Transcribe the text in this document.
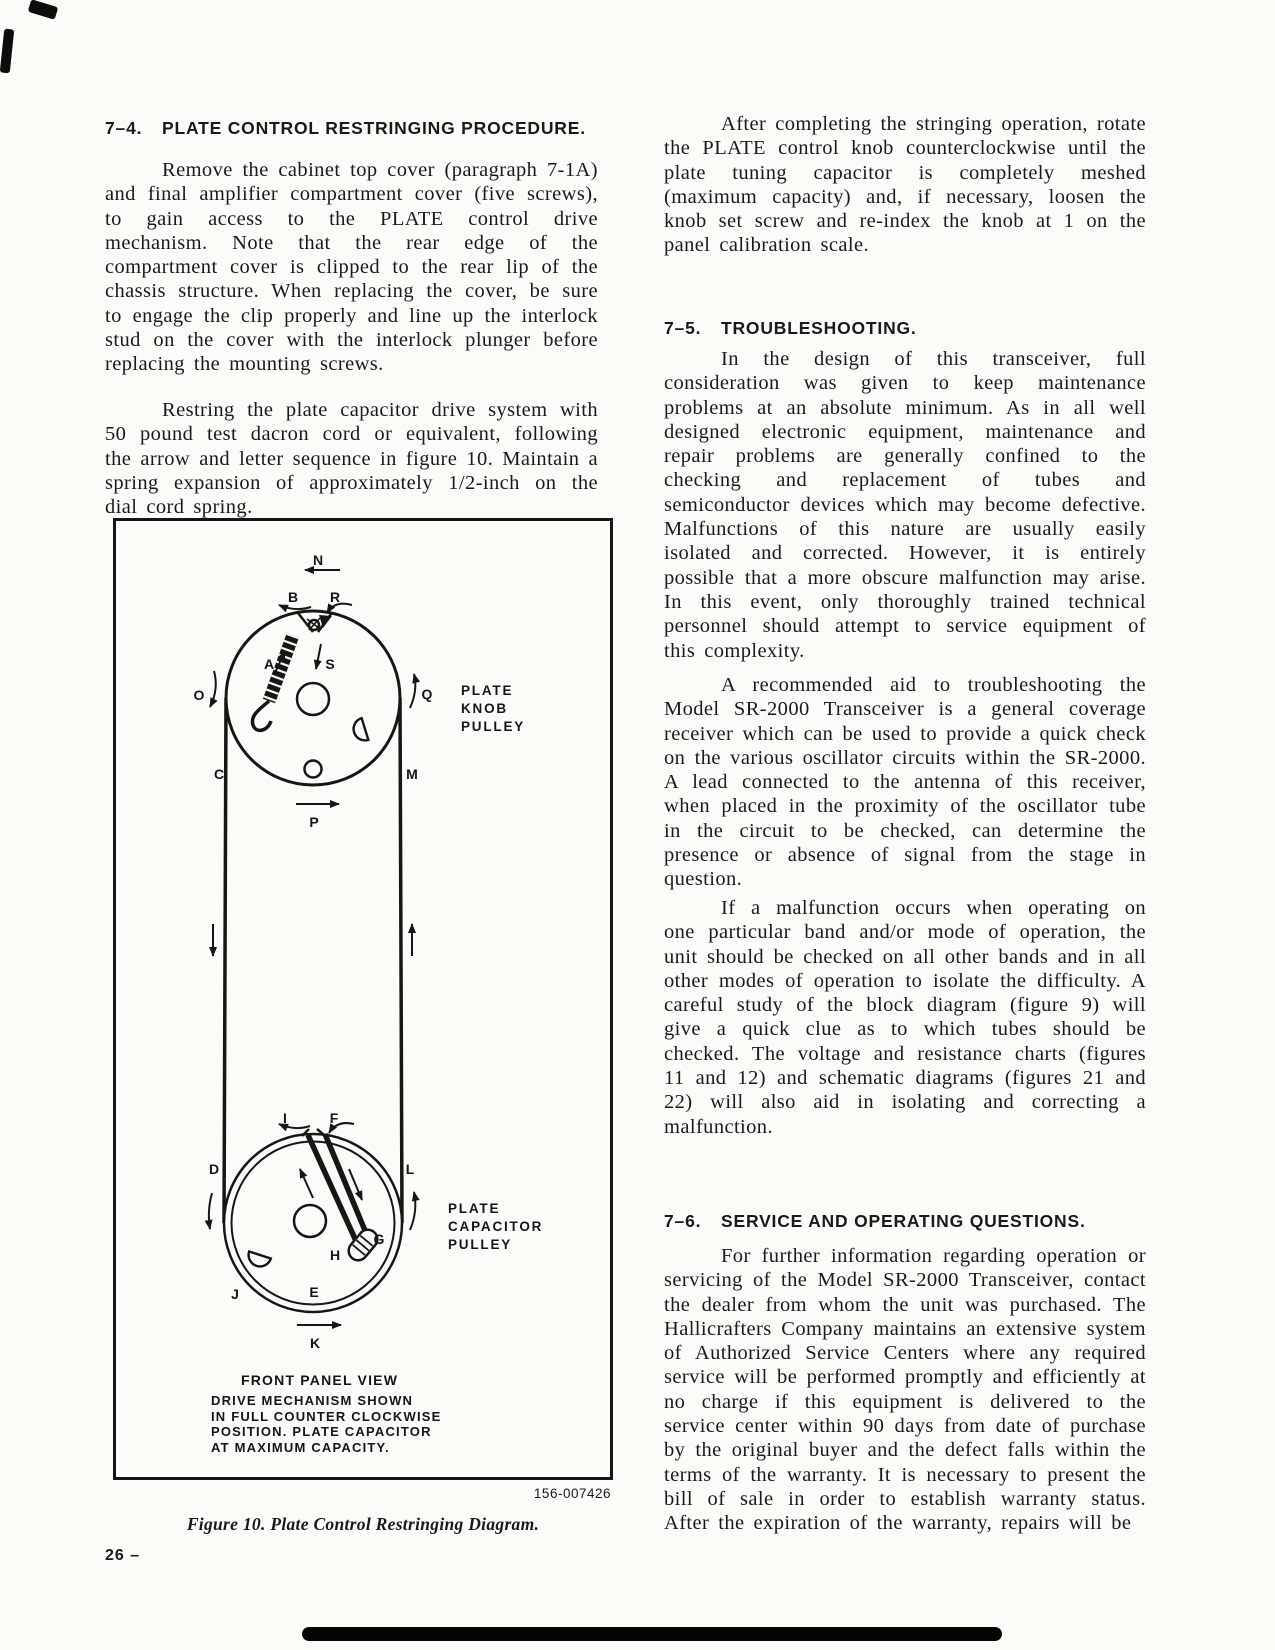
7–4.	PLATE CONTROL RESTRINGING PROCEDURE.

Remove the cabinet top cover (paragraph 7-1A) and final amplifier compartment cover (five screws), to gain access to the PLATE control drive mechanism. Note that the rear edge of the compartment cover is clipped to the rear lip of the chassis structure. When replacing the cover, be sure to engage the clip properly and line up the interlock stud on the cover with the interlock plunger before replacing the mounting screws.

Restring the plate capacitor drive system with 50 pound test dacron cord or equivalent, following the arrow and letter sequence in figure 10. Maintain a spring expansion of approximately 1/2-inch on the dial cord spring.

N
B R
A	S
O	Q
C	M
P
I	F
D	L
G
H
J	E
K
PLATE
KNOB
PULLEY
PLATE
CAPACITOR
PULLEY
FRONT PANEL VIEW
DRIVE MECHANISM SHOWN
IN FULL COUNTER CLOCKWISE
POSITION. PLATE CAPACITOR
AT MAXIMUM CAPACITY.
156-007426
Figure 10. Plate Control Restringing Diagram.
26 –

After completing the stringing operation, rotate the PLATE control knob counterclockwise until the plate tuning capacitor is completely meshed (maximum capacity) and, if necessary, loosen the knob set screw and re-index the knob at 1 on the panel calibration scale.

7–5.	TROUBLESHOOTING.

In the design of this transceiver, full consideration was given to keep maintenance problems at an absolute minimum. As in all well designed electronic equipment, maintenance and repair problems are generally confined to the checking and replacement of tubes and semiconductor devices which may become defective. Malfunctions of this nature are usually easily isolated and corrected. However, it is entirely possible that a more obscure malfunction may arise. In this event, only thoroughly trained technical personnel should attempt to service equipment of this complexity.

A recommended aid to troubleshooting the Model SR-2000 Transceiver is a general coverage receiver which can be used to provide a quick check on the various oscillator circuits within the SR-2000. A lead connected to the antenna of this receiver, when placed in the proximity of the oscillator tube in the circuit to be checked, can determine the presence or absence of signal from the stage in question.

If a malfunction occurs when operating on one particular band and/or mode of operation, the unit should be checked on all other bands and in all other modes of operation to isolate the difficulty. A careful study of the block diagram (figure 9) will give a quick clue as to which tubes should be checked. The voltage and resistance charts (figures 11 and 12) and schematic diagrams (figures 21 and 22) will also aid in isolating and correcting a malfunction.

7–6.	SERVICE AND OPERATING QUESTIONS.

For further information regarding operation or servicing of the Model SR-2000 Transceiver, contact the dealer from whom the unit was purchased. The Hallicrafters Company maintains an extensive system of Authorized Service Centers where any required service will be performed promptly and efficiently at no charge if this equipment is delivered to the service center within 90 days from date of purchase by the original buyer and the defect falls within the terms of the warranty. It is necessary to present the bill of sale in order to establish warranty status. After the expiration of the warranty, repairs will be
